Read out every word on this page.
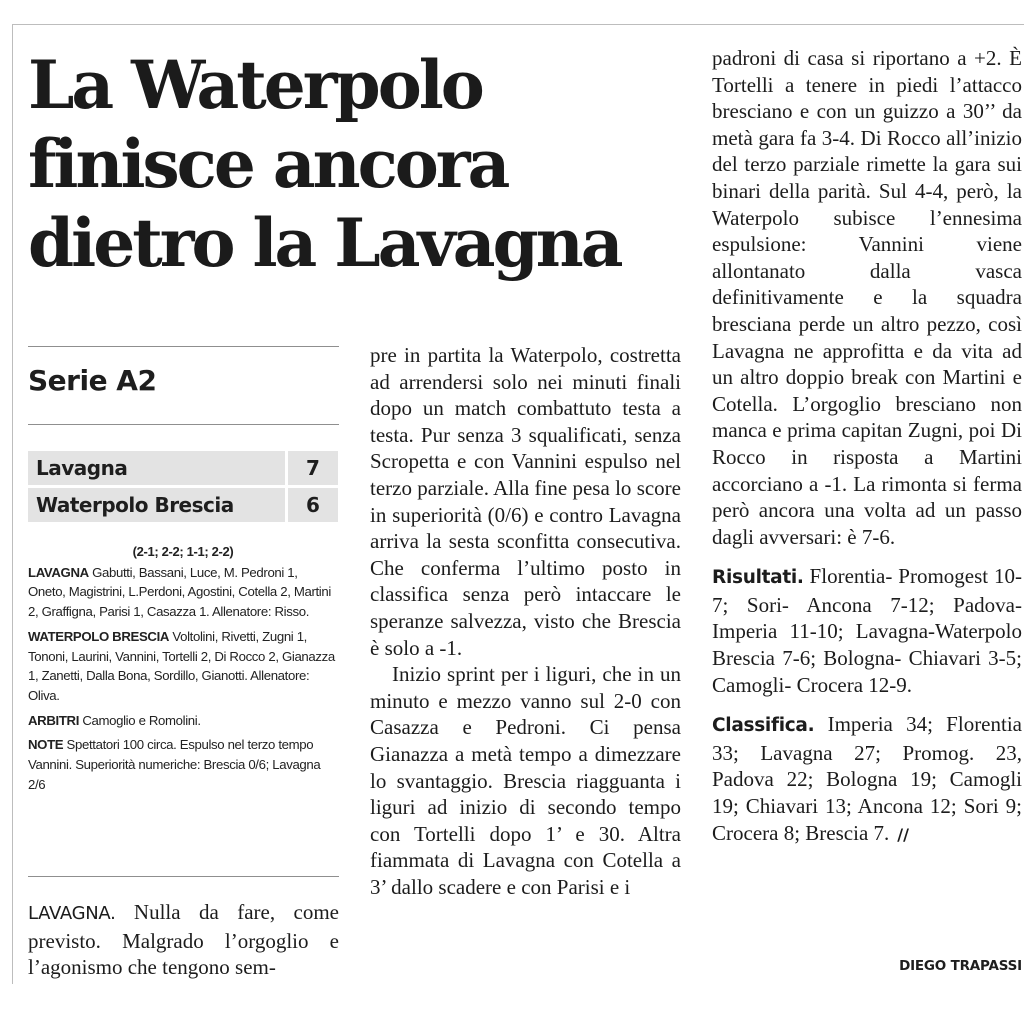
La Waterpolo
finisce ancora
dietro la Lavagna
Serie A2
Lavagna	7
Waterpolo Brescia	6
(2-1; 2-2; 1-1; 2-2)

LAVAGNA Gabutti, Bassani, Luce, M. Pedroni 1, Oneto, Magistrini, L.Perdoni, Agostini, Cotella 2, Martini 2, Graffigna, Parisi 1, Casazza 1. Allenatore: Risso.

WATERPOLO BRESCIA Voltolini, Rivetti, Zugni 1, Tononi, Laurini, Vannini, Tortelli 2, Di Rocco 2, Gianazza 1, Zanetti, Dalla Bona, Sordillo, Gianotti. Allenatore: Oliva.

ARBITRI Camoglio e Romolini.

NOTE Spettatori 100 circa. Espulso nel terzo tempo Vannini. Superiorità numeriche: Brescia 0/6; Lavagna 2/6

LAVAGNA. Nulla da fare, come previsto. Malgrado l’orgoglio e l’agonismo che tengono sem-

pre in partita la Waterpolo, costretta ad arrendersi solo nei minuti finali dopo un match combattuto testa a testa. Pur senza 3 squalificati, senza Scropetta e con Vannini espulso nel terzo parziale. Alla fine pesa lo score in superiorità (0/6) e contro Lavagna arriva la sesta sconfitta consecutiva. Che conferma l’ultimo posto in classifica senza però intaccare le speranze salvezza, visto che Brescia è solo a -1.

Inizio sprint per i liguri, che in un minuto e mezzo vanno sul 2-0 con Casazza e Pedroni. Ci pensa Gianazza a metà tempo a dimezzare lo svantaggio. Brescia riagguanta i liguri ad inizio di secondo tempo con Tortelli dopo 1’ e 30. Altra fiammata di Lavagna con Cotella a 3’ dallo scadere e con Parisi e i

padroni di casa si riportano a +2. È Tortelli a tenere in piedi l’attacco bresciano e con un guizzo a 30’’ da metà gara fa 3-4. Di Rocco all’inizio del terzo parziale rimette la gara sui binari della parità. Sul 4-4, però, la Waterpolo subisce l’ennesima espulsione: Vannini viene allontanato dalla vasca definitivamente e la squadra bresciana perde un altro pezzo, così Lavagna ne approfitta e da vita ad un altro doppio break con Martini e Cotella. L’orgoglio bresciano non manca e prima capitan Zugni, poi Di Rocco in risposta a Martini accorciano a -1. La rimonta si ferma però ancora una volta ad un passo dagli avversari: è 7-6.

Risultati. Florentia- Promogest 10-7; Sori- Ancona 7-12; Padova- Imperia 11-10; Lavagna-Waterpolo Brescia 7-6; Bologna- Chiavari 3-5; Camogli- Crocera 12-9.

Classifica. Imperia 34; Florentia 33; Lavagna 27; Promog. 23, Padova 22; Bologna 19; Camogli 19; Chiavari 13; Ancona 12; Sori 9; Crocera 8; Brescia 7. //

DIEGO TRAPASSI
